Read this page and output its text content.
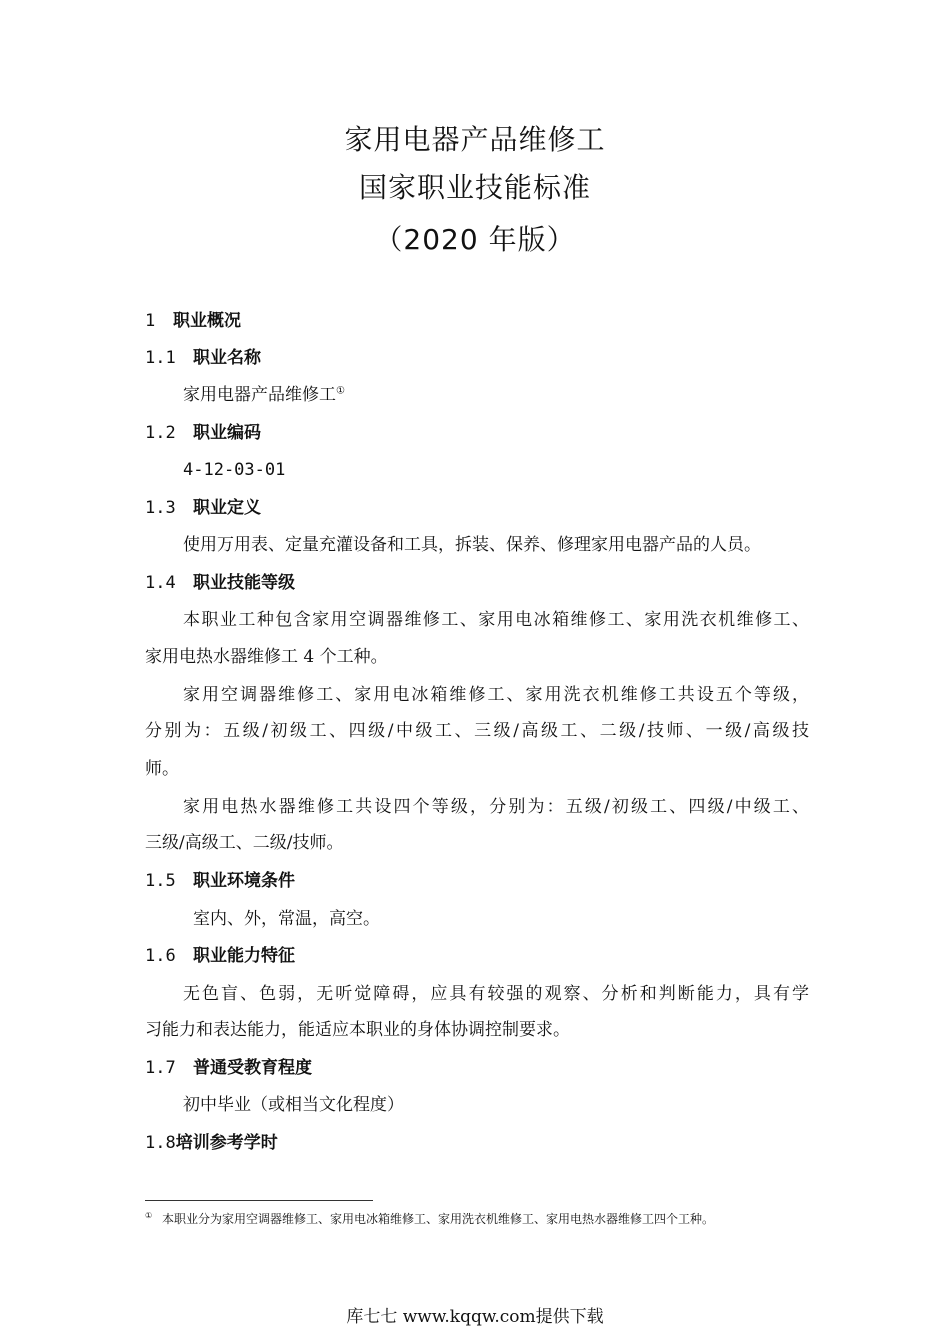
家用电器产品维修工
国家职业技能标准
（2020 年版）
1 职业概况
1.1 职业名称
家用电器产品维修工①
1.2 职业编码
4-12-03-01
1.3 职业定义
使用万用表、定量充灌设备和工具，拆装、保养、修理家用电器产品的人员。
1.4 职业技能等级
本职业工种包含家用空调器维修工、家用电冰箱维修工、家用洗衣机维修工、
家用电热水器维修工 4 个工种。
家用空调器维修工、家用电冰箱维修工、家用洗衣机维修工共设五个等级，
分别为：五级/初级工、四级/中级工、三级/高级工、二级/技师、一级/高级技
师。
家用电热水器维修工共设四个等级，分别为：五级/初级工、四级/中级工、
三级/高级工、二级/技师。
1.5 职业环境条件
室内、外，常温，高空。
1.6 职业能力特征
无色盲、色弱，无听觉障碍，应具有较强的观察、分析和判断能力，具有学
习能力和表达能力，能适应本职业的身体协调控制要求。
1.7 普通受教育程度
初中毕业（或相当文化程度）
1.8培训参考学时
① 本职业分为家用空调器维修工、家用电冰箱维修工、家用洗衣机维修工、家用电热水器维修工四个工种。
库七七 www.kqqw.com提供下载
